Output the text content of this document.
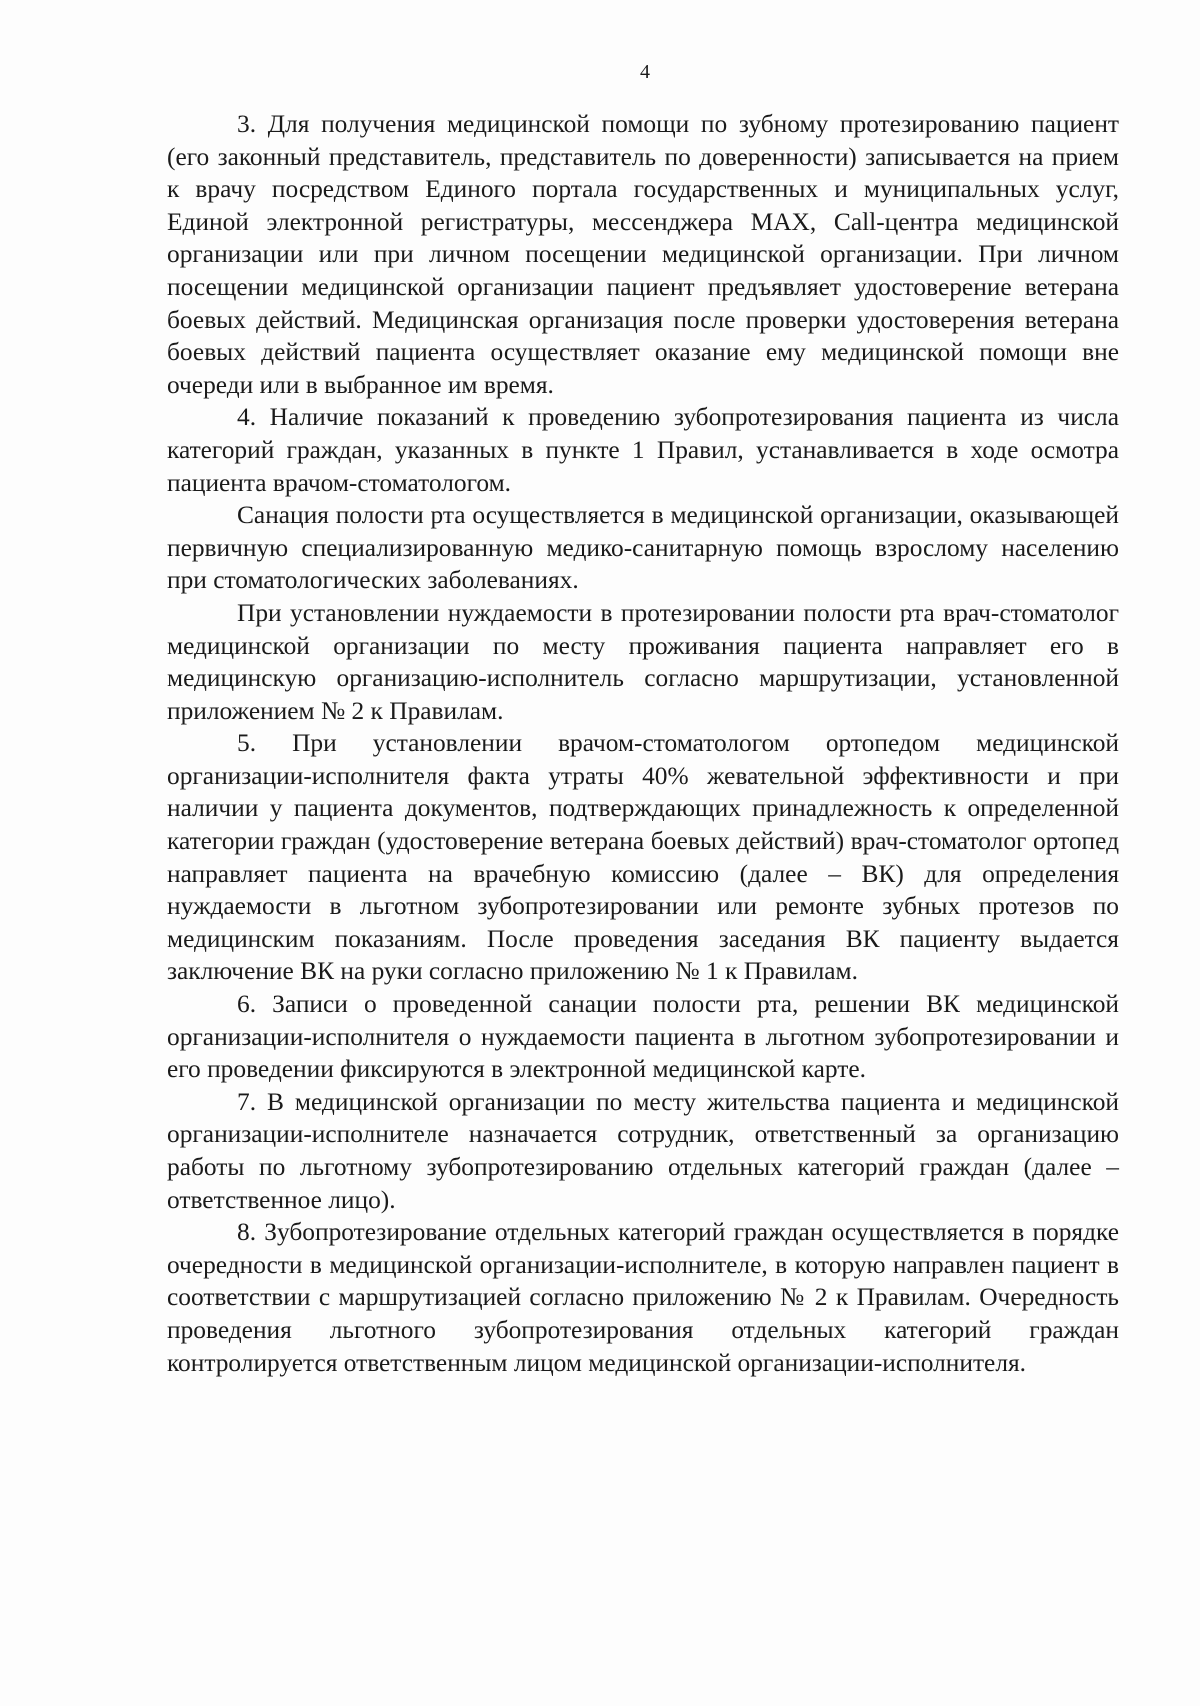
4

3. Для получения медицинской помощи по зубному протезированию пациент (его законный представитель, представитель по доверенности) записывается на прием к врачу посредством Единого портала государственных и муниципальных услуг, Единой электронной регистратуры, мессенджера MAX, Call-центра медицинской организации или при личном посещении медицинской организации. При личном посещении медицинской организации пациент предъявляет удостоверение ветерана боевых действий. Медицинская организация после проверки удостоверения ветерана боевых действий пациента осуществляет оказание ему медицинской помощи вне очереди или в выбранное им время.

4. Наличие показаний к проведению зубопротезирования пациента из числа категорий граждан, указанных в пункте 1 Правил, устанавливается в ходе осмотра пациента врачом-стоматологом.

Санация полости рта осуществляется в медицинской организации, оказывающей первичную специализированную медико-санитарную помощь взрослому населению при стоматологических заболеваниях.

При установлении нуждаемости в протезировании полости рта врач-стоматолог медицинской организации по месту проживания пациента направляет его в медицинскую организацию-исполнитель согласно маршрутизации, установленной приложением № 2 к Правилам.

5. При установлении врачом-стоматологом ортопедом медицинской организации-исполнителя факта утраты 40% жевательной эффективности и при наличии у пациента документов, подтверждающих принадлежность к определенной категории граждан (удостоверение ветерана боевых действий) врач-стоматолог ортопед направляет пациента на врачебную комиссию (далее – ВК) для определения нуждаемости в льготном зубопротезировании или ремонте зубных протезов по медицинским показаниям. После проведения заседания ВК пациенту выдается заключение ВК на руки согласно приложению № 1 к Правилам.

6. Записи о проведенной санации полости рта, решении ВК медицинской организации-исполнителя о нуждаемости пациента в льготном зубопротезировании и его проведении фиксируются в электронной медицинской карте.

7. В медицинской организации по месту жительства пациента и медицинской организации-исполнителе назначается сотрудник, ответственный за организацию работы по льготному зубопротезированию отдельных категорий граждан (далее – ответственное лицо).

8. Зубопротезирование отдельных категорий граждан осуществляется в порядке очередности в медицинской организации-исполнителе, в которую направлен пациент в соответствии с маршрутизацией согласно приложению № 2 к Правилам. Очередность проведения льготного зубопротезирования отдельных категорий граждан контролируется ответственным лицом медицинской организации-исполнителя.
